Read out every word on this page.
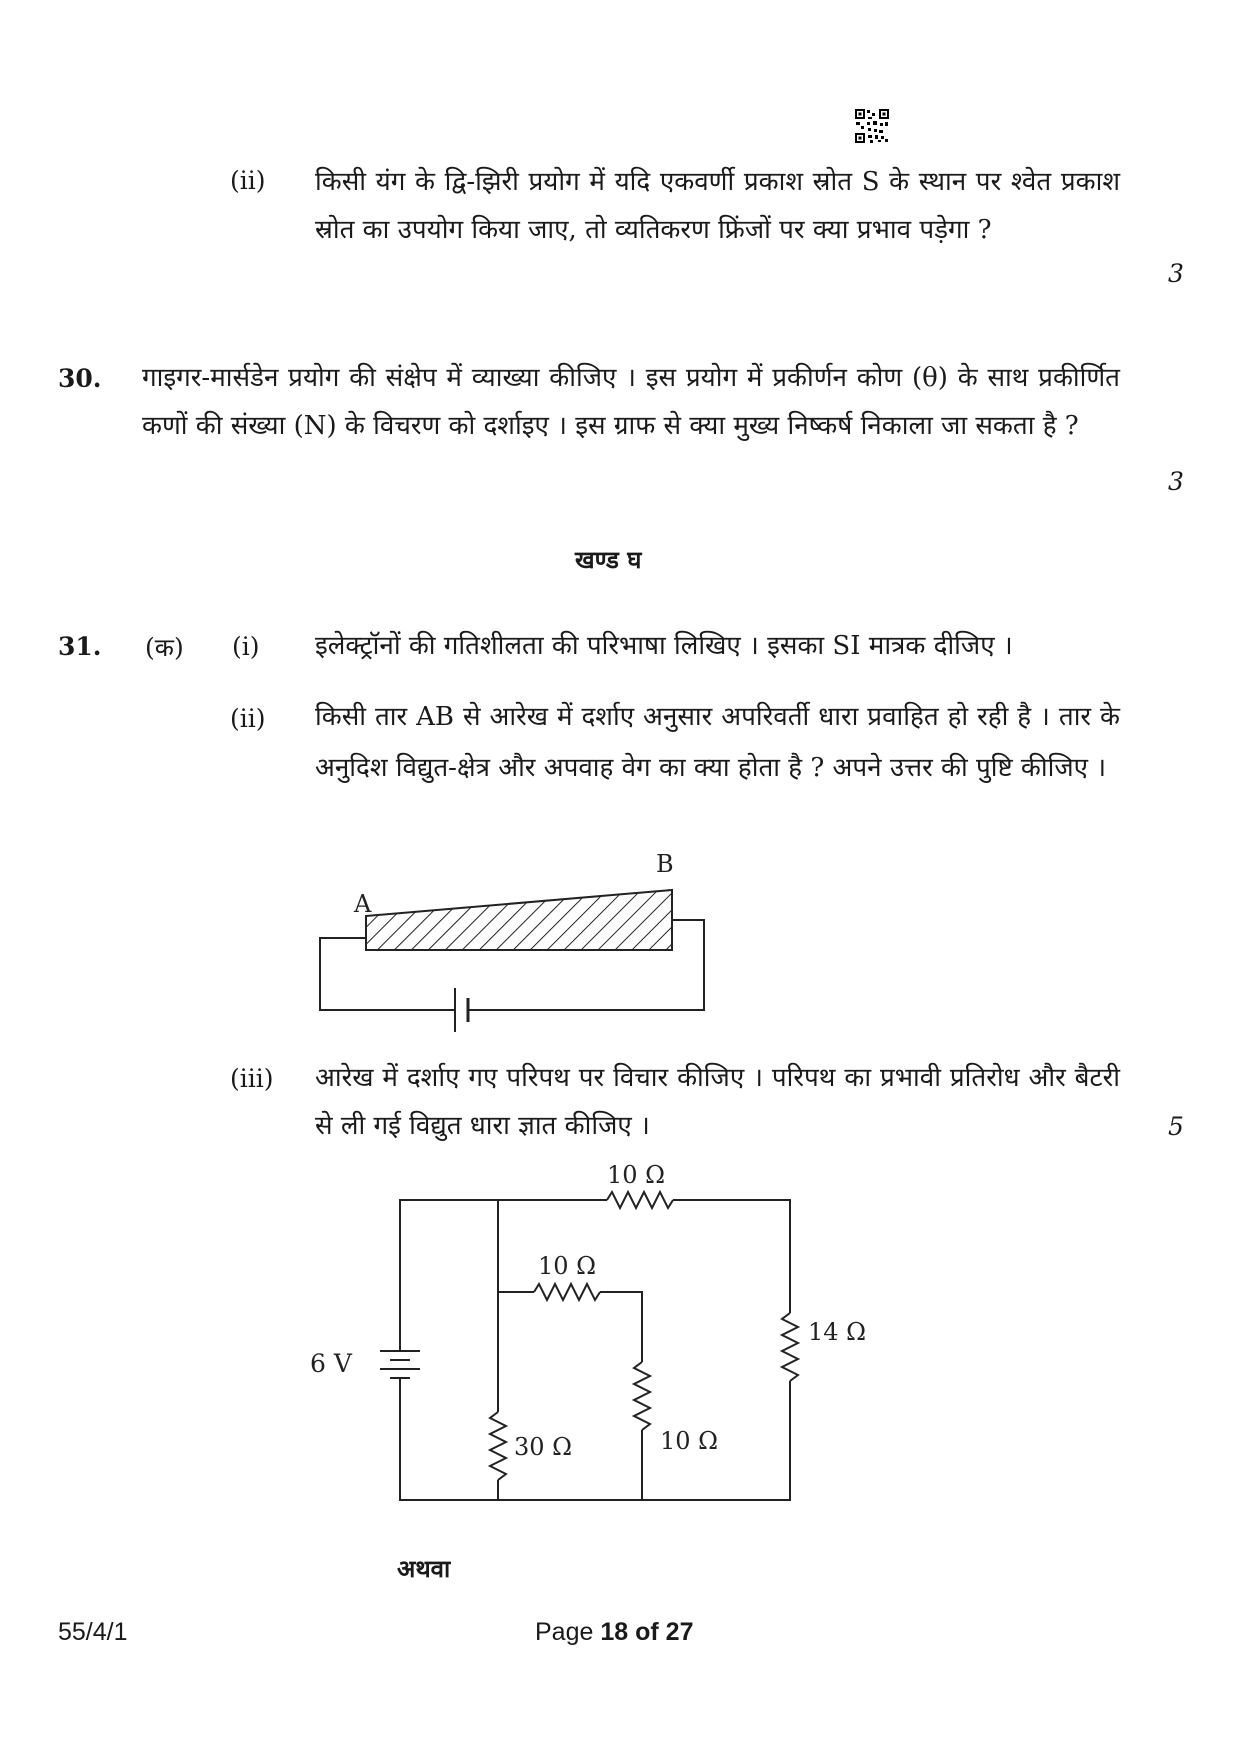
(ii) किसी यंग के द्वि-झिरी प्रयोग में यदि एकवर्णी प्रकाश स्रोत S के स्थान पर श्वेत प्रकाश स्रोत का उपयोग किया जाए, तो व्यतिकरण फ्रिंजों पर क्या प्रभाव पड़ेगा ?
3
30. गाइगर-मार्सडेन प्रयोग की संक्षेप में व्याख्या कीजिए । इस प्रयोग में प्रकीर्णन कोण (θ) के साथ प्रकीर्णित कणों की संख्या (N) के विचरण को दर्शाइए । इस ग्राफ से क्या मुख्य निष्कर्ष निकाला जा सकता है ?
3
खण्ड घ
31. (क) (i) इलेक्ट्रॉनों की गतिशीलता की परिभाषा लिखिए । इसका SI मात्रक दीजिए ।
(ii) किसी तार AB से आरेख में दर्शाए अनुसार अपरिवर्ती धारा प्रवाहित हो रही है । तार के अनुदिश विद्युत-क्षेत्र और अपवाह वेग का क्या होता है ? अपने उत्तर की पुष्टि कीजिए ।
A
B
(iii) आरेख में दर्शाए गए परिपथ पर विचार कीजिए । परिपथ का प्रभावी प्रतिरोध और बैटरी से ली गई विद्युत धारा ज्ञात कीजिए ।	5
6 V
10 Ω
10 Ω
30 Ω	10 Ω
14 Ω
अथवा
55/4/1	Page 18 of 27
